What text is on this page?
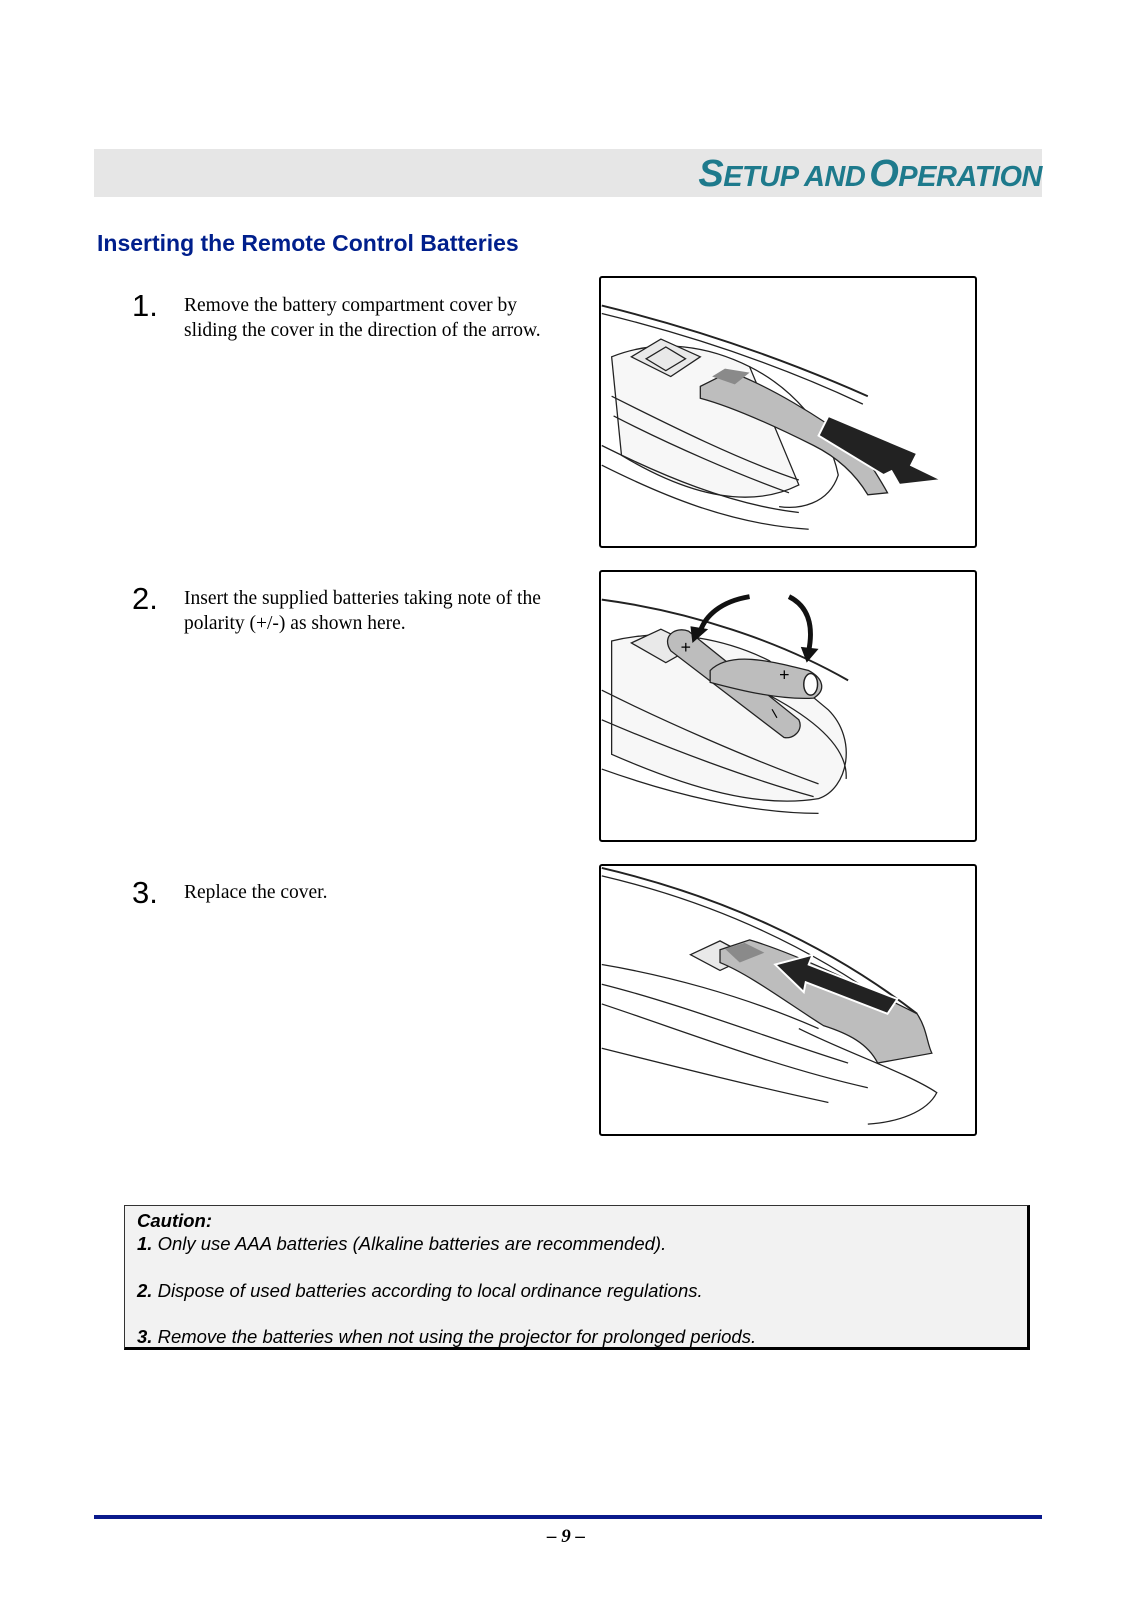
SETUP AND OPERATION
Inserting the Remote Control Batteries
1. Remove the battery compartment cover by sliding the cover in the direction of the arrow.
2. Insert the supplied batteries taking note of the polarity (+/-) as shown here.
3. Replace the cover.
+
+
–
Caution:
1. Only use AAA batteries (Alkaline batteries are recommended).
2. Dispose of used batteries according to local ordinance regulations.
3. Remove the batteries when not using the projector for prolonged periods.
– 9 –
